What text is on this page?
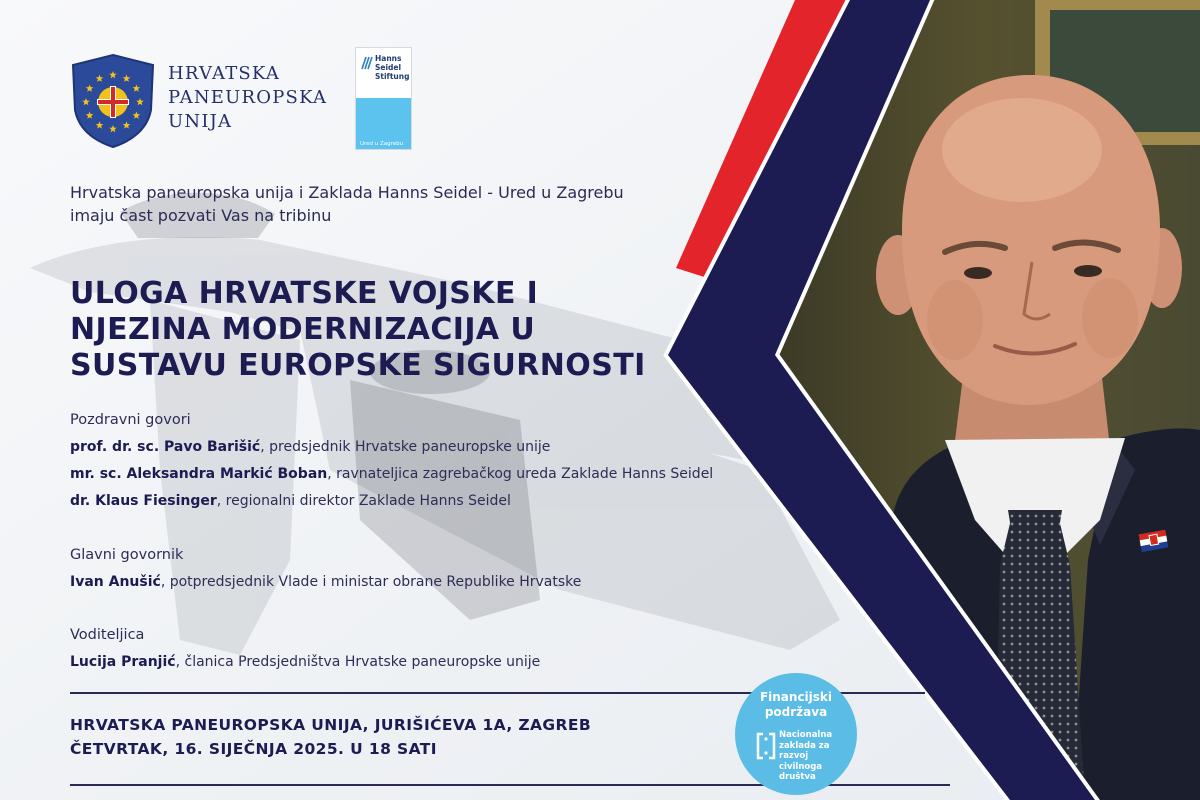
HRVATSKA
PANEUROPSKA
UNIJA
Hanns
Seidel
Stiftung
Ured u Zagrebu
Hrvatska paneuropska unija i Zaklada Hanns Seidel - Ured u Zagrebu
imaju čast pozvati Vas na tribinu
ULOGA HRVATSKE VOJSKE I
NJEZINA MODERNIZACIJA U
SUSTAVU EUROPSKE SIGURNOSTI
Pozdravni govori
prof. dr. sc. Pavo Barišić, predsjednik Hrvatske paneuropske unije
mr. sc. Aleksandra Markić Boban, ravnateljica zagrebačkog ureda Zaklade Hanns Seidel
dr. Klaus Fiesinger, regionalni direktor Zaklade Hanns Seidel
Glavni govornik
Ivan Anušić, potpredsjednik Vlade i ministar obrane Republike Hrvatske
Voditeljica
Lucija Pranjić, članica Predsjedništva Hrvatske paneuropske unije
HRVATSKA PANEUROPSKA UNIJA, JURIŠIĆEVA 1A, ZAGREB
ČETVRTAK, 16. SIJEČNJA 2025. U 18 SATI
Financijski
podržava
Nacionalna
zaklada za
razvoj
civilnoga
društva
